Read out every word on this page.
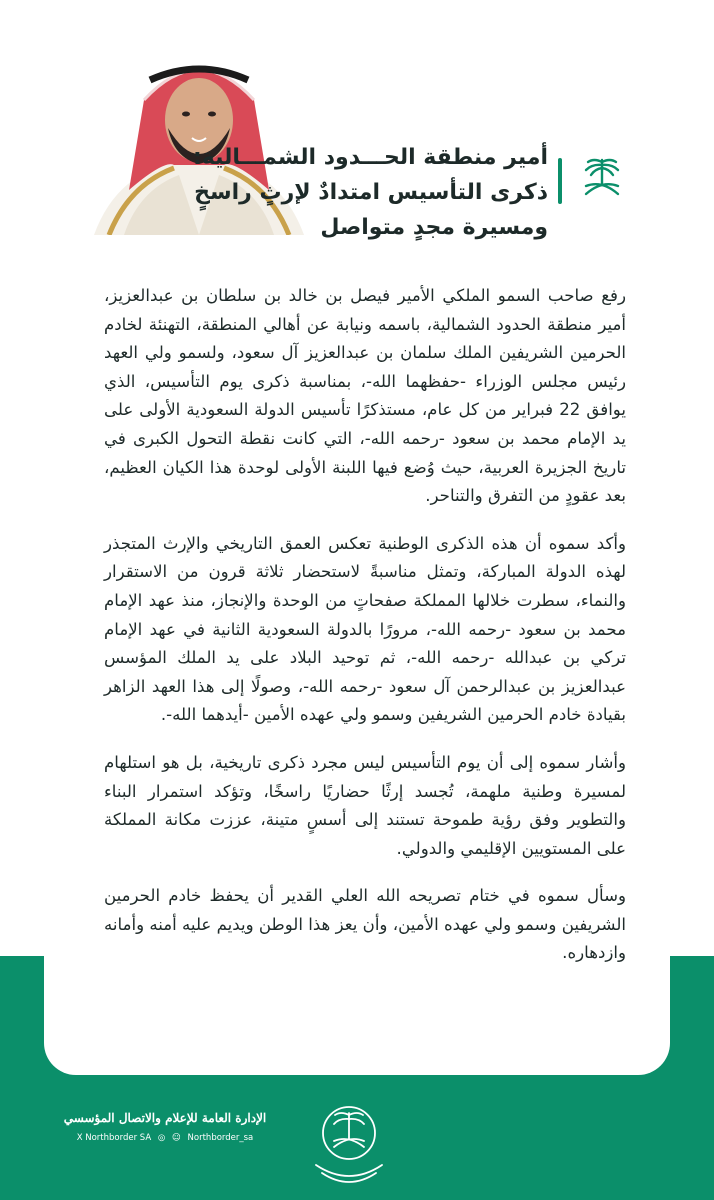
أمير منطقة الحـــدود الشمـــالية:
ذكرى التأسيس امتدادٌ لإرثٍ راسخٍ
ومسيرة مجدٍ متواصل

رفع صاحب السمو الملكي الأمير فيصل بن خالد بن سلطان بن عبدالعزيز، أمير منطقة الحدود الشمالية، باسمه ونيابة عن أهالي المنطقة، التهنئة لخادم الحرمين الشريفين الملك سلمان بن عبدالعزيز آل سعود، ولسمو ولي العهد رئيس مجلس الوزراء -حفظهما الله-، بمناسبة ذكرى يوم التأسيس، الذي يوافق 22 فبراير من كل عام، مستذكرًا تأسيس الدولة السعودية الأولى على يد الإمام محمد بن سعود -رحمه الله-، التي كانت نقطة التحول الكبرى في تاريخ الجزيرة العربية، حيث وُضع فيها اللبنة الأولى لوحدة هذا الكيان العظيم، بعد عقودٍ من التفرق والتناحر.

وأكد سموه أن هذه الذكرى الوطنية تعكس العمق التاريخي والإرث المتجذر لهذه الدولة المباركة، وتمثل مناسبةً لاستحضار ثلاثة قرون من الاستقرار والنماء، سطرت خلالها المملكة صفحاتٍ من الوحدة والإنجاز، منذ عهد الإمام محمد بن سعود -رحمه الله-، مرورًا بالدولة السعودية الثانية في عهد الإمام تركي بن عبدالله -رحمه الله-، ثم توحيد البلاد على يد الملك المؤسس عبدالعزيز بن عبدالرحمن آل سعود -رحمه الله-، وصولًا إلى هذا العهد الزاهر بقيادة خادم الحرمين الشريفين وسمو ولي عهده الأمين -أيدهما الله-.

وأشار سموه إلى أن يوم التأسيس ليس مجرد ذكرى تاريخية، بل هو استلهام لمسيرة وطنية ملهمة، تُجسد إرثًا حضاريًا راسخًا، وتؤكد استمرار البناء والتطوير وفق رؤية طموحة تستند إلى أسسٍ متينة، عززت مكانة المملكة على المستويين الإقليمي والدولي.

وسأل سموه في ختام تصريحه الله العلي القدير أن يحفظ خادم الحرمين الشريفين وسمو ولي عهده الأمين، وأن يعز هذا الوطن ويديم عليه أمنه وأمانه وازدهاره.

الإدارة العامة للإعلام والاتصال المؤسسي
X Northborder SA ◎ ☺ Northborder_sa
